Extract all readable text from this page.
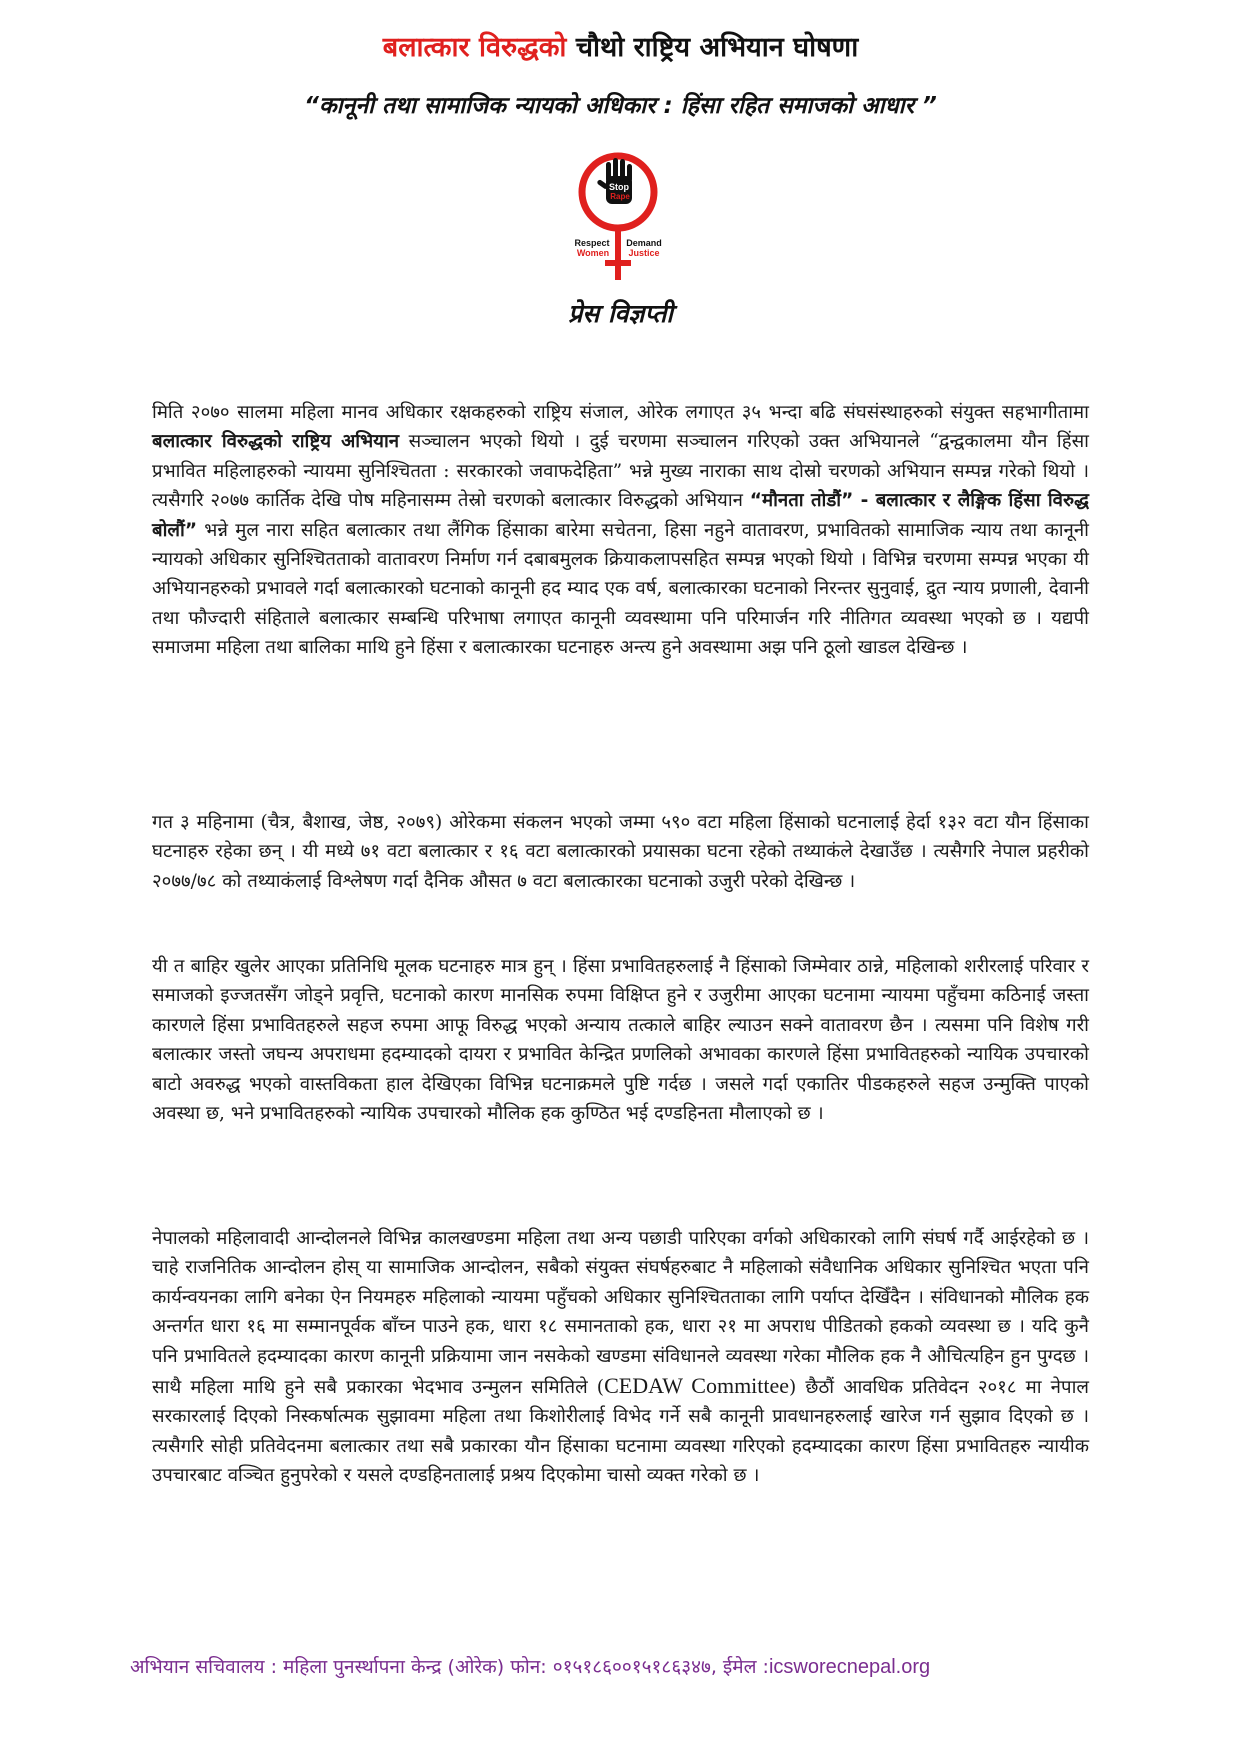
बलात्कार विरुद्धको चौथो राष्ट्रिय अभियान घोषणा
“कानूनी तथा सामाजिक न्यायको अधिकार : हिंसा रहित समाजको आधार ”
Stop
Rape
Respect Demand
Women Justice
प्रेस विज्ञप्ती

मिति २०७० सालमा महिला मानव अधिकार रक्षकहरुको राष्ट्रिय संजाल, ओरेक लगाएत ३५ भन्दा बढि संघसंस्थाहरुको संयुक्त सहभागीतामा बलात्कार विरुद्धको राष्ट्रिय अभियान सञ्चालन भएको थियो । दुई चरणमा सञ्चालन गरिएको उक्त अभियानले “द्वन्द्वकालमा यौन हिंसा प्रभावित महिलाहरुको न्यायमा सुनिश्चितता : सरकारको जवाफदेहिता” भन्ने मुख्य नाराका साथ दोस्रो चरणको अभियान सम्पन्न गरेको थियो । त्यसैगरि २०७७ कार्तिक देखि पोष महिनासम्म तेस्रो चरणको बलात्कार विरुद्धको अभियान “मौनता तोडौं” - बलात्कार र लैङ्गिक हिंसा विरुद्ध बोलौं” भन्ने मुल नारा सहित बलात्कार तथा लैंगिक हिंसाका बारेमा सचेतना, हिसा नहुने वातावरण, प्रभावितको सामाजिक न्याय तथा कानूनी न्यायको अधिकार सुनिश्चितताको वातावरण निर्माण गर्न दबाबमुलक क्रियाकलापसहित सम्पन्न भएको थियो । विभिन्न चरणमा सम्पन्न भएका यी अभियानहरुको प्रभावले गर्दा बलात्कारको घटनाको कानूनी हद म्याद एक वर्ष, बलात्कारका घटनाको निरन्तर सुनुवाई, द्रुत न्याय प्रणाली, देवानी तथा फौज्दारी संहिताले बलात्कार सम्बन्धि परिभाषा लगाएत कानूनी व्यवस्थामा पनि परिमार्जन गरि नीतिगत व्यवस्था भएको छ । यद्यपी समाजमा महिला तथा बालिका माथि हुने हिंसा र बलात्कारका घटनाहरु अन्त्य हुने अवस्थामा अझ पनि ठूलो खाडल देखिन्छ ।

गत ३ महिनामा (चैत्र, बैशाख, जेष्ठ, २०७९) ओरेकमा संकलन भएको जम्मा ५९० वटा महिला हिंसाको घटनालाई हेर्दा १३२ वटा यौन हिंसाका घटनाहरु रहेका छन् । यी मध्ये ७१ वटा बलात्कार र १६ वटा बलात्कारको प्रयासका घटना रहेको तथ्याकंले देखाउँछ । त्यसैगरि नेपाल प्रहरीको २०७७/७८ को तथ्याकंलाई विश्लेषण गर्दा दैनिक औसत ७ वटा बलात्कारका घटनाको उजुरी परेको देखिन्छ ।

यी त बाहिर खुलेर आएका प्रतिनिधि मूलक घटनाहरु मात्र हुन् । हिंसा प्रभावितहरुलाई नै हिंसाको जिम्मेवार ठान्ने, महिलाको शरीरलाई परिवार र समाजको इज्जतसँग जोड्ने प्रवृत्ति, घटनाको कारण मानसिक रुपमा विक्षिप्त हुने र उजुरीमा आएका घटनामा न्यायमा पहुँचमा कठिनाई जस्ता कारणले हिंसा प्रभावितहरुले सहज रुपमा आफू विरुद्ध भएको अन्याय तत्काले बाहिर ल्याउन सक्ने वातावरण छैन । त्यसमा पनि विशेष गरी बलात्कार जस्तो जघन्य अपराधमा हदम्यादको दायरा र प्रभावित केन्द्रित प्रणलिको अभावका कारणले हिंसा प्रभावितहरुको न्यायिक उपचारको बाटो अवरुद्ध भएको वास्तविकता हाल देखिएका विभिन्न घटनाक्रमले पुष्टि गर्दछ । जसले गर्दा एकातिर पीडकहरुले सहज उन्मुक्ति पाएको अवस्था छ, भने प्रभावितहरुको न्यायिक उपचारको मौलिक हक कुण्ठित भई दण्डहिनता मौलाएको छ ।

नेपालको महिलावादी आन्दोलनले विभिन्न कालखण्डमा महिला तथा अन्य पछाडी पारिएका वर्गको अधिकारको लागि संघर्ष गर्दै आईरहेको छ । चाहे राजनितिक आन्दोलन होस् या सामाजिक आन्दोलन, सबैको संयुक्त संघर्षहरुबाट नै महिलाको संवैधानिक अधिकार सुनिश्चित भएता पनि कार्यन्वयनका लागि बनेका ऐन नियमहरु महिलाको न्यायमा पहुँचको अधिकार सुनिश्चितताका लागि पर्याप्त देखिँदैन । संविधानको मौलिक हक अन्तर्गत धारा १६ मा सम्मानपूर्वक बाँच्न पाउने हक, धारा १८ समानताको हक, धारा २१ मा अपराध पीडितको हकको व्यवस्था छ । यदि कुनै पनि प्रभावितले हदम्यादका कारण कानूनी प्रक्रियामा जान नसकेको खण्डमा संविधानले व्यवस्था गरेका मौलिक हक नै औचित्यहिन हुन पुग्दछ । साथै महिला माथि हुने सबै प्रकारका भेदभाव उन्मुलन समितिले (CEDAW Committee) छैठौं आवधिक प्रतिवेदन २०१८ मा नेपाल सरकारलाई दिएको निस्कर्षात्मक सुझावमा महिला तथा किशोरीलाई विभेद गर्ने सबै कानूनी प्रावधानहरुलाई खारेज गर्न सुझाव दिएको छ । त्यसैगरि सोही प्रतिवेदनमा बलात्कार तथा सबै प्रकारका यौन हिंसाका घटनामा व्यवस्था गरिएको हदम्यादका कारण हिंसा प्रभावितहरु न्यायीक उपचारबाट वञ्चित हुनुपरेको र यसले दण्डहिनतालाई प्रश्रय दिएकोमा चासो व्यक्त गरेको छ ।

अभियान सचिवालय : महिला पुनर्स्थापना केन्द्र (ओरेक) फोन: ०१५१८६००१५१८६३४७, ईमेल :icsworecnepal.org
